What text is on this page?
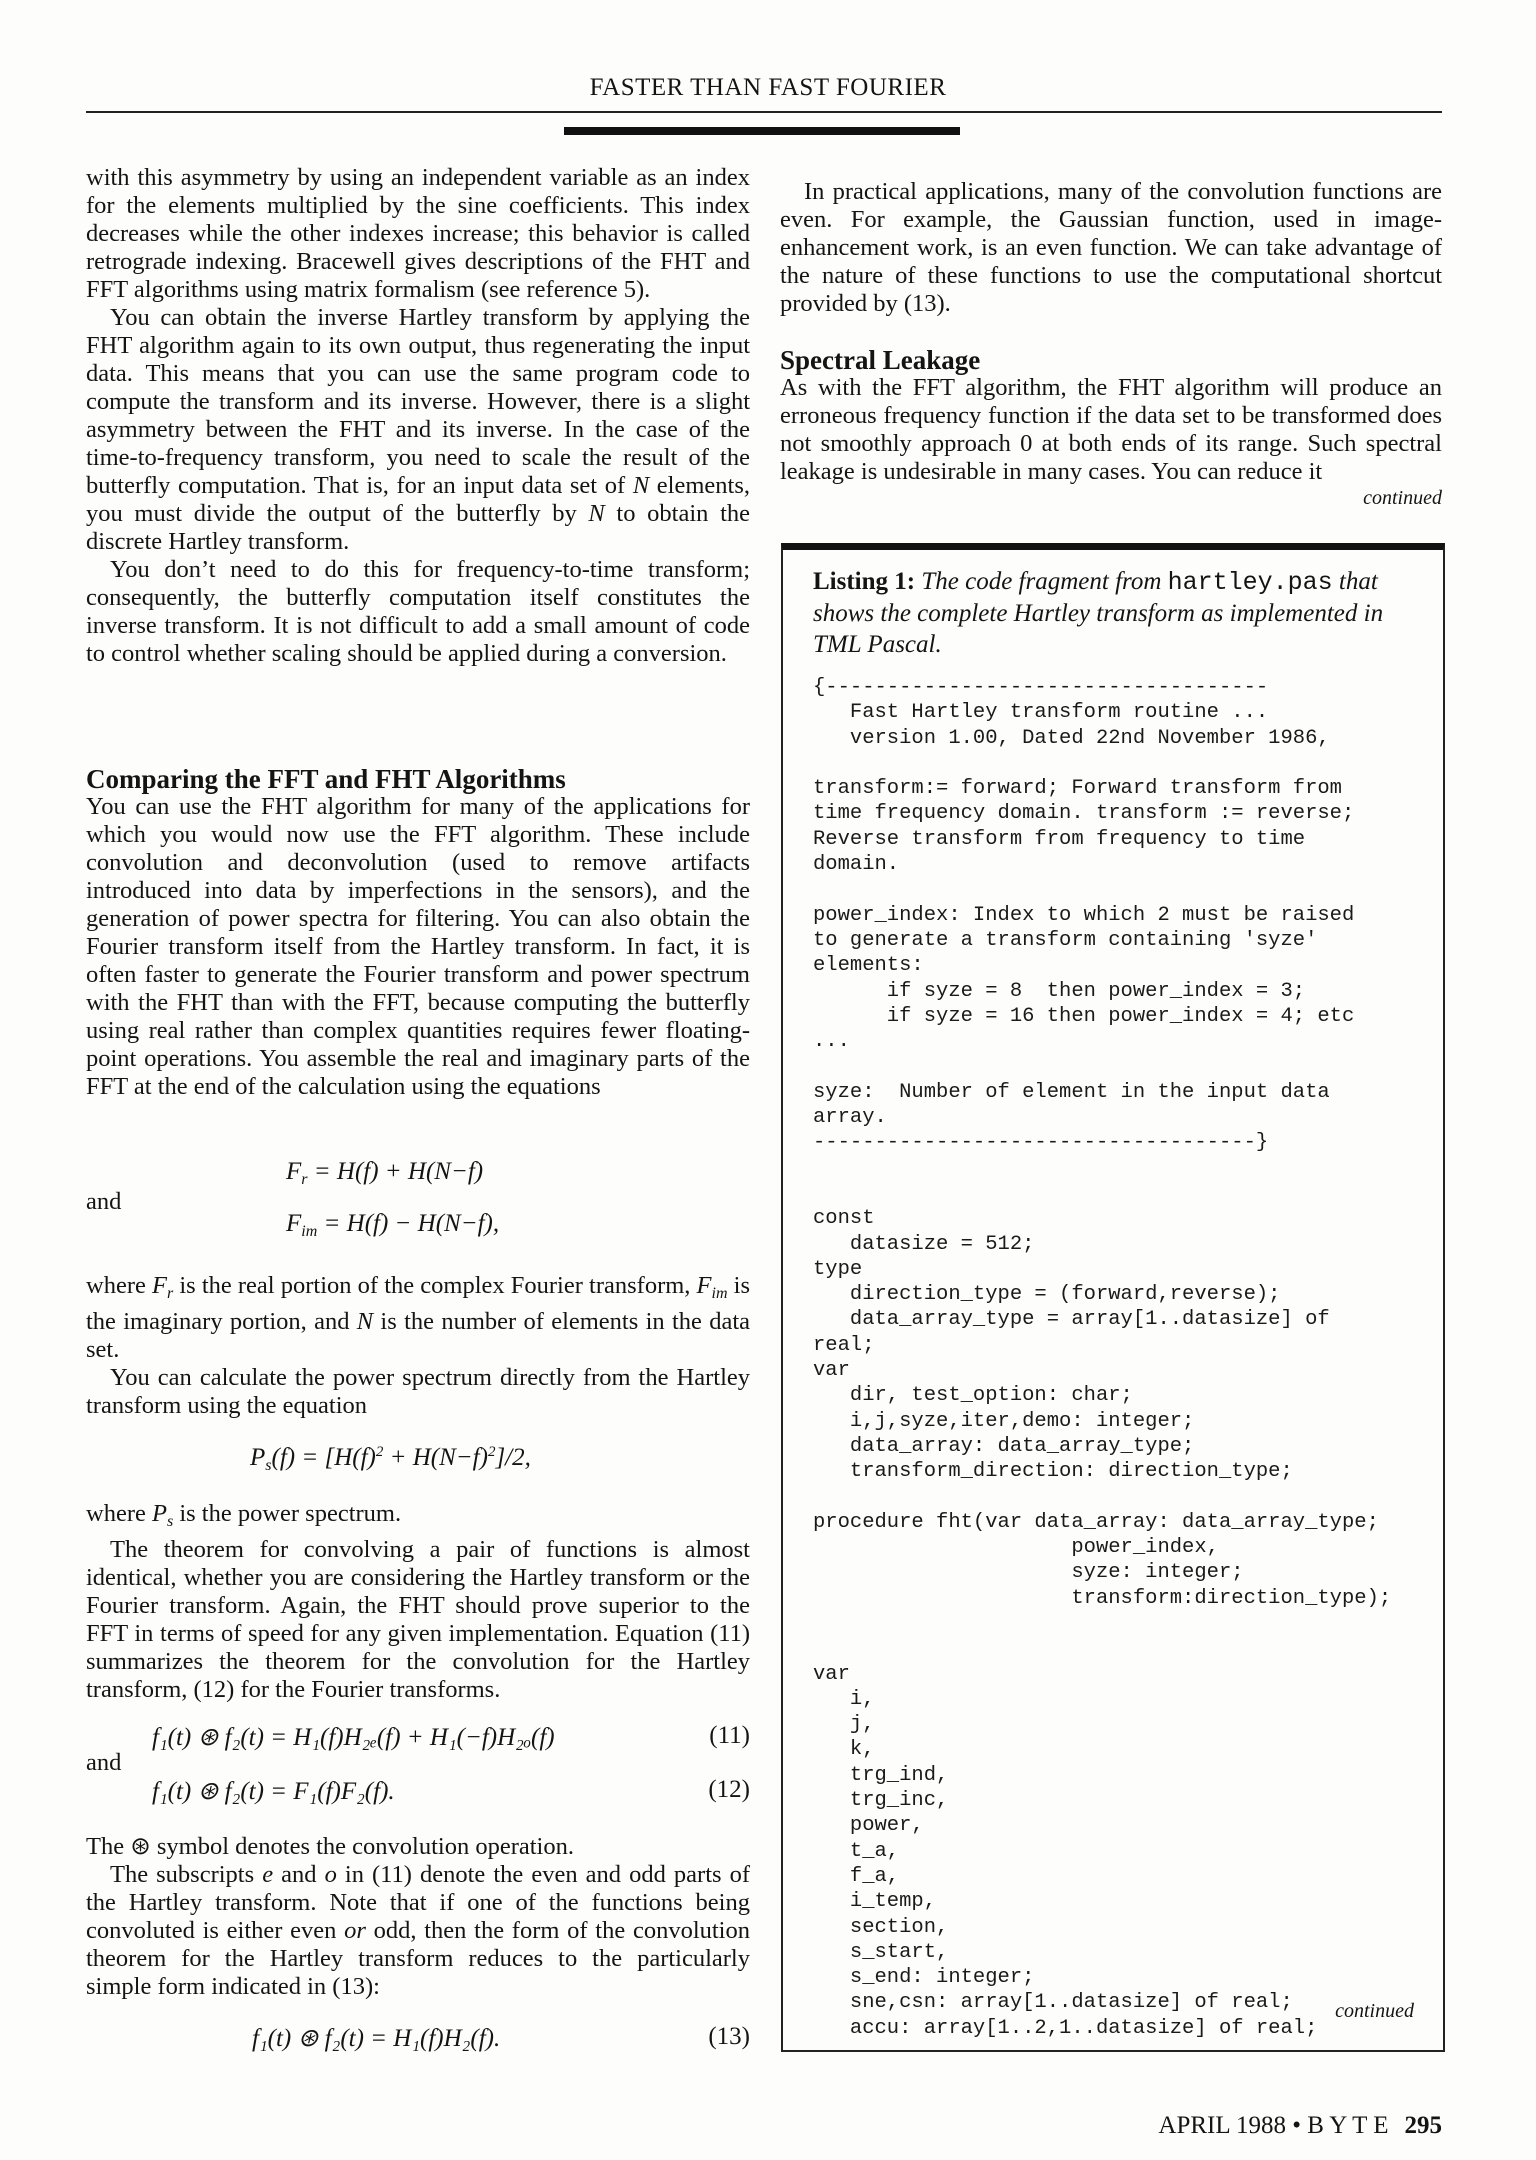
FASTER THAN FAST FOURIER

with this asymmetry by using an independent variable as an index for the elements multiplied by the sine coefficients. This index decreases while the other indexes increase; this behavior is called retrograde indexing. Bracewell gives descriptions of the FHT and FFT algorithms using matrix formalism (see reference 5).

You can obtain the inverse Hartley transform by applying the FHT algorithm again to its own output, thus regenerating the input data. This means that you can use the same program code to compute the transform and its inverse. However, there is a slight asymmetry between the FHT and its inverse. In the case of the time-to-frequency transform, you need to scale the result of the butterfly computation. That is, for an input data set of N elements, you must divide the output of the butterfly by N to obtain the discrete Hartley transform.

You don’t need to do this for frequency-to-time transform; consequently, the butterfly computation itself constitutes the inverse transform. It is not difficult to add a small amount of code to control whether scaling should be applied during a conversion.

Comparing the FFT and FHT Algorithms

You can use the FHT algorithm for many of the applications for which you would now use the FFT algorithm. These include convolution and deconvolution (used to remove artifacts introduced into data by imperfections in the sensors), and the generation of power spectra for filtering. You can also obtain the Fourier transform itself from the Hartley transform. In fact, it is often faster to generate the Fourier transform and power spectrum with the FHT than with the FFT, because computing the butterfly using real rather than complex quantities requires fewer floating-point operations. You assemble the real and imaginary parts of the FFT at the end of the calculation using the equations

$F_r = H(f) + H(N-f)$
and
$F_{im} = H(f) - H(N-f)$,

where $F_r$ is the real portion of the complex Fourier transform, $F_{im}$ is the imaginary portion, and N is the number of elements in the data set.

You can calculate the power spectrum directly from the Hartley transform using the equation

$P_s(f) = [H(f)^2 + H(N-f)^2]/2$,

where $P_s$ is the power spectrum.

The theorem for convolving a pair of functions is almost identical, whether you are considering the Hartley transform or the Fourier transform. Again, the FHT should prove superior to the FFT in terms of speed for any given implementation. Equation (11) summarizes the theorem for the convolution for the Hartley transform, (12) for the Fourier transforms.

f₁(t) ⊛ f₂(t) = H₁(f)H₂ₑ(f) + H₁(−f)H₂ₒ(f)	(11)
and
f₁(t) ⊛ f₂(t) = F₁(f)F₂(f).	(12)

The ⊛ symbol denotes the convolution operation.

The subscripts e and o in (11) denote the even and odd parts of the Hartley transform. Note that if one of the functions being convoluted is either even or odd, then the form of the convolution theorem for the Hartley transform reduces to the particularly simple form indicated in (13):

f₁(t) ⊛ f₂(t) = H₁(f)H₂(f).	(13)

In practical applications, many of the convolution functions are even. For example, the Gaussian function, used in image-enhancement work, is an even function. We can take advantage of the nature of these functions to use the computational shortcut provided by (13).

Spectral Leakage

As with the FFT algorithm, the FHT algorithm will produce an erroneous frequency function if the data set to be transformed does not smoothly approach 0 at both ends of its range. Such spectral leakage is undesirable in many cases. You can reduce it

continued
Listing 1: The code fragment from hartley.pas that shows the complete Hartley transform as implemented in TML Pascal.
{------------------------------------
Fast Hartley transform routine ...
version 1.00, Dated 22nd November 1986,

transform:= forward; Forward transform from
time frequency domain. transform := reverse;
Reverse transform from frequency to time
domain.

power_index: Index to which 2 must be raised
to generate a transform containing 'syze'
elements:
if syze = 8  then power_index = 3;
if syze = 16 then power_index = 4; etc
...

syze:  Number of element in the input data
array.
------------------------------------}

const
datasize = 512;
type
direction_type = (forward,reverse);
data_array_type = array[1..datasize] of
real;
var
dir, test_option: char;
i,j,syze,iter,demo: integer;
data_array: data_array_type;
transform_direction: direction_type;

procedure fht(var data_array: data_array_type;
power_index,
syze: integer;
transform:direction_type);

var
i,
j,
k,
trg_ind,
trg_inc,
power,
t_a,
f_a,
i_temp,
section,
s_start,
s_end: integer;
sne,csn: array[1..datasize] of real;
accu: array[1..2,1..datasize] of real;
continued
APRIL 1988 • B Y T E 295
